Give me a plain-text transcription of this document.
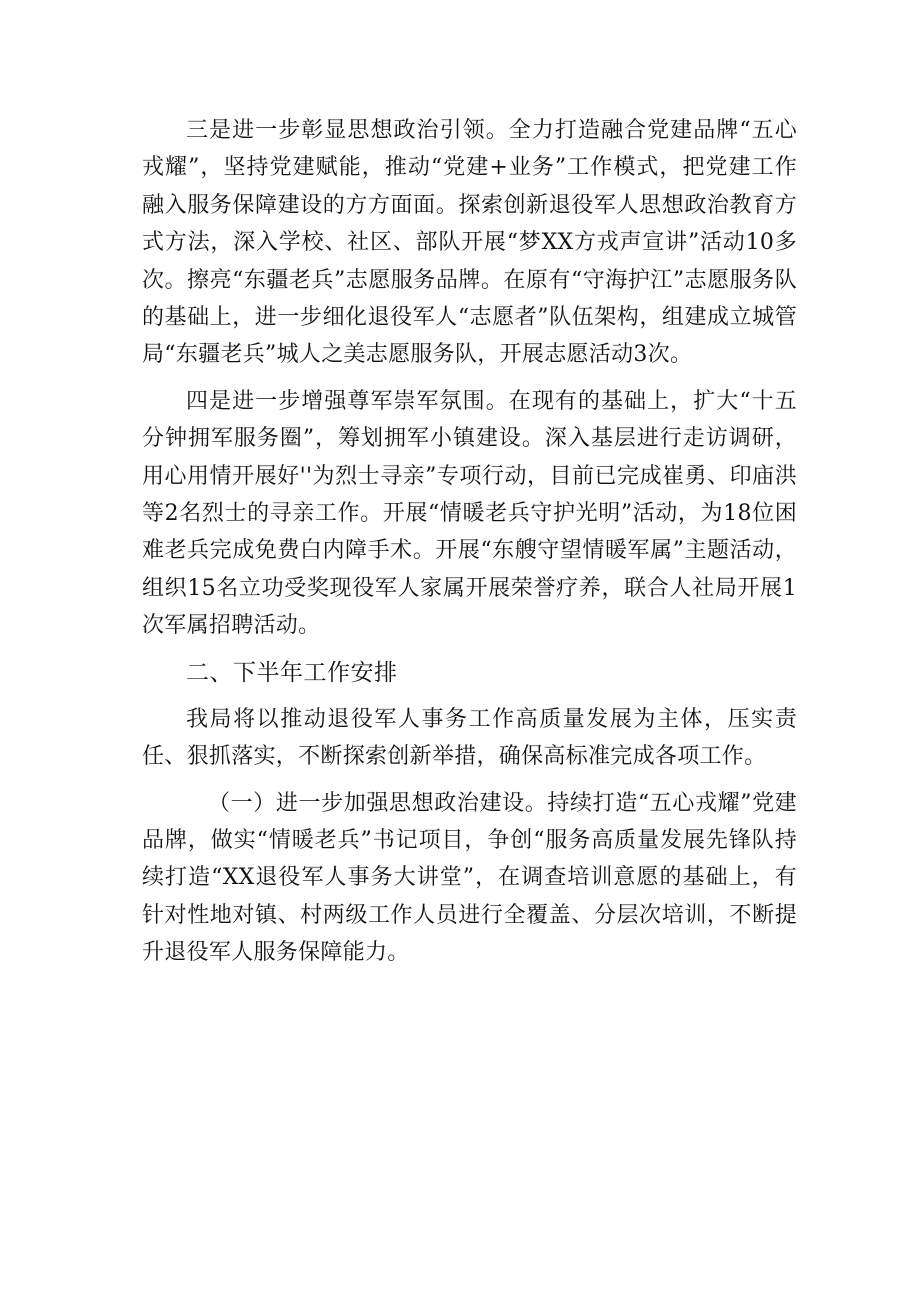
三是进一步彰显思想政治引领。全力打造融合党建品牌“五心戎耀”，坚持党建赋能，推动“党建+业务”工作模式，把党建工作融入服务保障建设的方方面面。探索创新退役军人思想政治教育方式方法，深入学校、社区、部队开展“梦XX方戎声宣讲”活动10多次。擦亮“东疆老兵”志愿服务品牌。在原有“守海护江”志愿服务队的基础上，进一步细化退役军人“志愿者”队伍架构，组建成立城管局“东疆老兵”城人之美志愿服务队，开展志愿活动3次。

四是进一步增强尊军崇军氛围。在现有的基础上，扩大“十五分钟拥军服务圈”，筹划拥军小镇建设。深入基层进行走访调研，用心用情开展好''为烈士寻亲”专项行动，目前已完成崔勇、印庙洪等2名烈士的寻亲工作。开展“情暖老兵守护光明”活动，为18位困难老兵完成免费白内障手术。开展“东艘守望情暖军属”主题活动，组织15名立功受奖现役军人家属开展荣誉疗养，联合人社局开展1次军属招聘活动。

二、下半年工作安排

我局将以推动退役军人事务工作高质量发展为主体，压实责任、狠抓落实，不断探索创新举措，确保高标准完成各项工作。

（一）进一步加强思想政治建设。持续打造“五心戎耀”党建品牌，做实“情暖老兵”书记项目，争创“服务高质量发展先锋队持续打造“XX退役军人事务大讲堂”，在调查培训意愿的基础上，有针对性地对镇、村两级工作人员进行全覆盖、分层次培训，不断提升退役军人服务保障能力。
